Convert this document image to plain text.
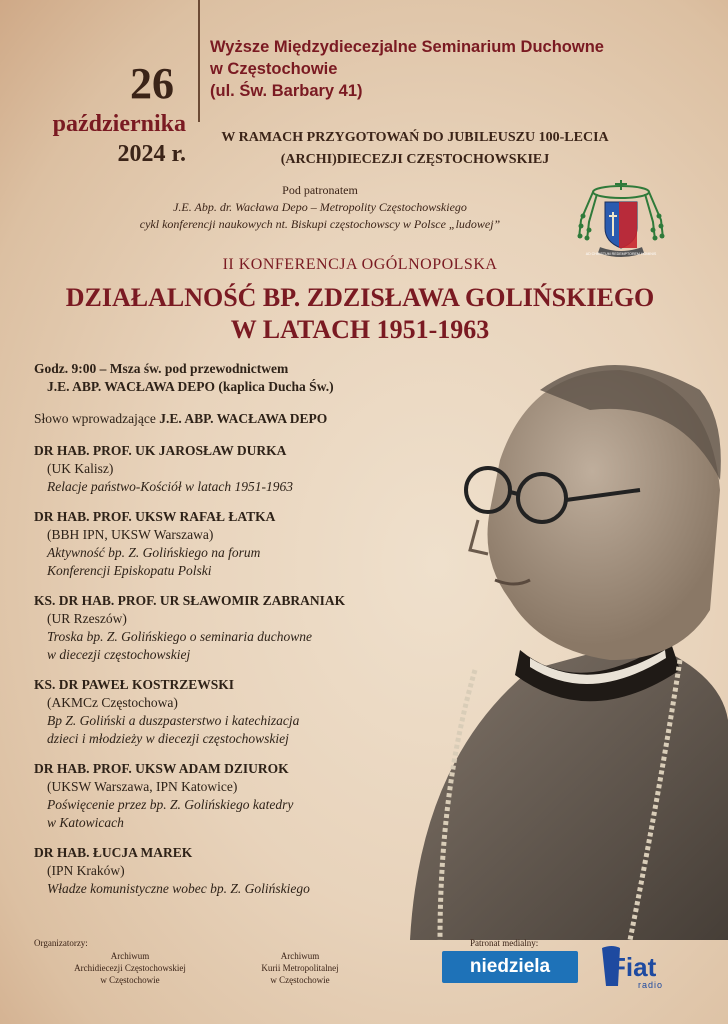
26
października
2024 r.
Wyższe Międzydiecezjalne Seminarium Duchowne
w Częstochowie
(ul. Św. Barbary 41)
W RAMACH PRZYGOTOWAŃ DO JUBILEUSZU 100-LECIA
(ARCHI)DIECEZJI CZĘSTOCHOWSKIEJ
Pod patronatem
J.E. Abp. dr. Wacława Depo – Metropolity Częstochowskiego
cykl konferencji naukowych nt. Biskupi częstochowscy w Polsce „ludowej”
AD CHRISTUM REDEMPTOREM HOMINIS
II KONFERENCJA OGÓLNOPOLSKA
DZIAŁALNOŚĆ BP. ZDZISŁAWA GOLIŃSKIEGO
W LATACH 1951-1963
Godz. 9:00 – Msza św. pod przewodnictwem
J.E. ABP. WACŁAWA DEPO (kaplica Ducha Św.)
Słowo wprowadzające J.E. ABP. WACŁAWA DEPO
DR HAB. PROF. UK JAROSŁAW DURKA
(UK Kalisz)
Relacje państwo-Kościół w latach 1951-1963
DR HAB. PROF. UKSW RAFAŁ ŁATKA
(BBH IPN, UKSW Warszawa)
Aktywność bp. Z. Golińskiego na forum
Konferencji Episkopatu Polski
KS. DR HAB. PROF. UR SŁAWOMIR ZABRANIAK
(UR Rzeszów)
Troska bp. Z. Golińskiego o seminaria duchowne
w diecezji częstochowskiej
KS. DR PAWEŁ KOSTRZEWSKI
(AKMCz Częstochowa)
Bp Z. Goliński a duszpasterstwo i katechizacja
dzieci i młodzieży w diecezji częstochowskiej
DR HAB. PROF. UKSW ADAM DZIUROK
(UKSW Warszawa, IPN Katowice)
Poświęcenie przez bp. Z. Golińskiego katedry
w Katowicach
DR HAB. ŁUCJA MAREK
(IPN Kraków)
Władze komunistyczne wobec bp. Z. Golińskiego
Organizatorzy:
Archiwum
Archidiecezji Częstochowskiej
w Częstochowie
Archiwum
Kurii Metropolitalnej
w Częstochowie
Patronat medialny:
niedziela	Fiat
radio
